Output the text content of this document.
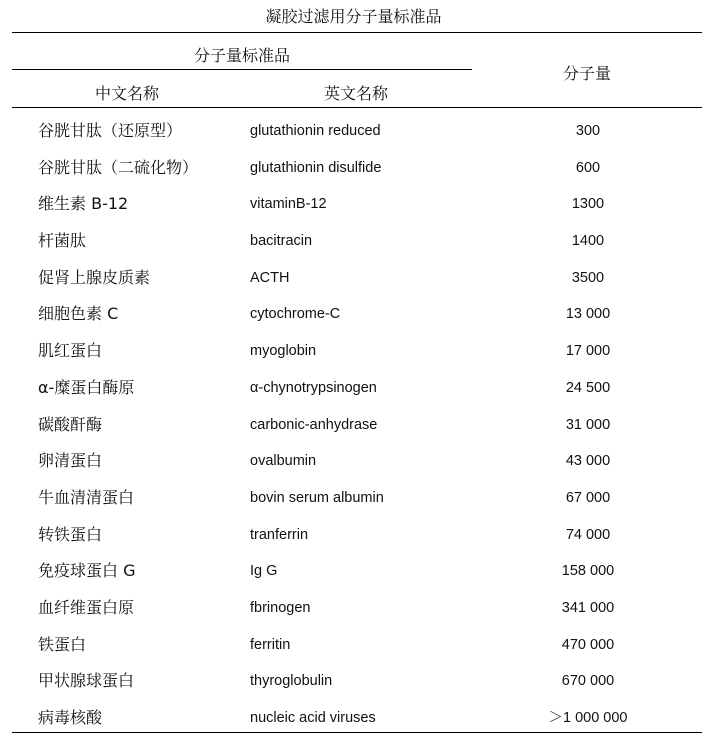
凝胶过滤用分子量标准品
分子量标准品
分子量
中文名称	英文名称
谷胱甘肽（还原型）	glutathionin reduced	300
谷胱甘肽（二硫化物）	glutathionin disulfide	600
维生素 B-12	vitaminB-12	1300
杆菌肽	bacitracin	1400
促肾上腺皮质素	ACTH	3500
细胞色素 C	cytochrome-C	13 000
肌红蛋白	myoglobin	17 000
α-糜蛋白酶原	α-chynotrypsinogen	24 500
碳酸酐酶	carbonic-anhydrase	31 000
卵清蛋白	ovalbumin	43 000
牛血清清蛋白	bovin serum albumin	67 000
转铁蛋白	tranferrin	74 000
免疫球蛋白 G	Ig G	158 000
血纤维蛋白原	fbrinogen	341 000
铁蛋白	ferritin	470 000
甲状腺球蛋白	thyroglobulin	670 000
病毒核酸	nucleic acid viruses	＞1 000 000
